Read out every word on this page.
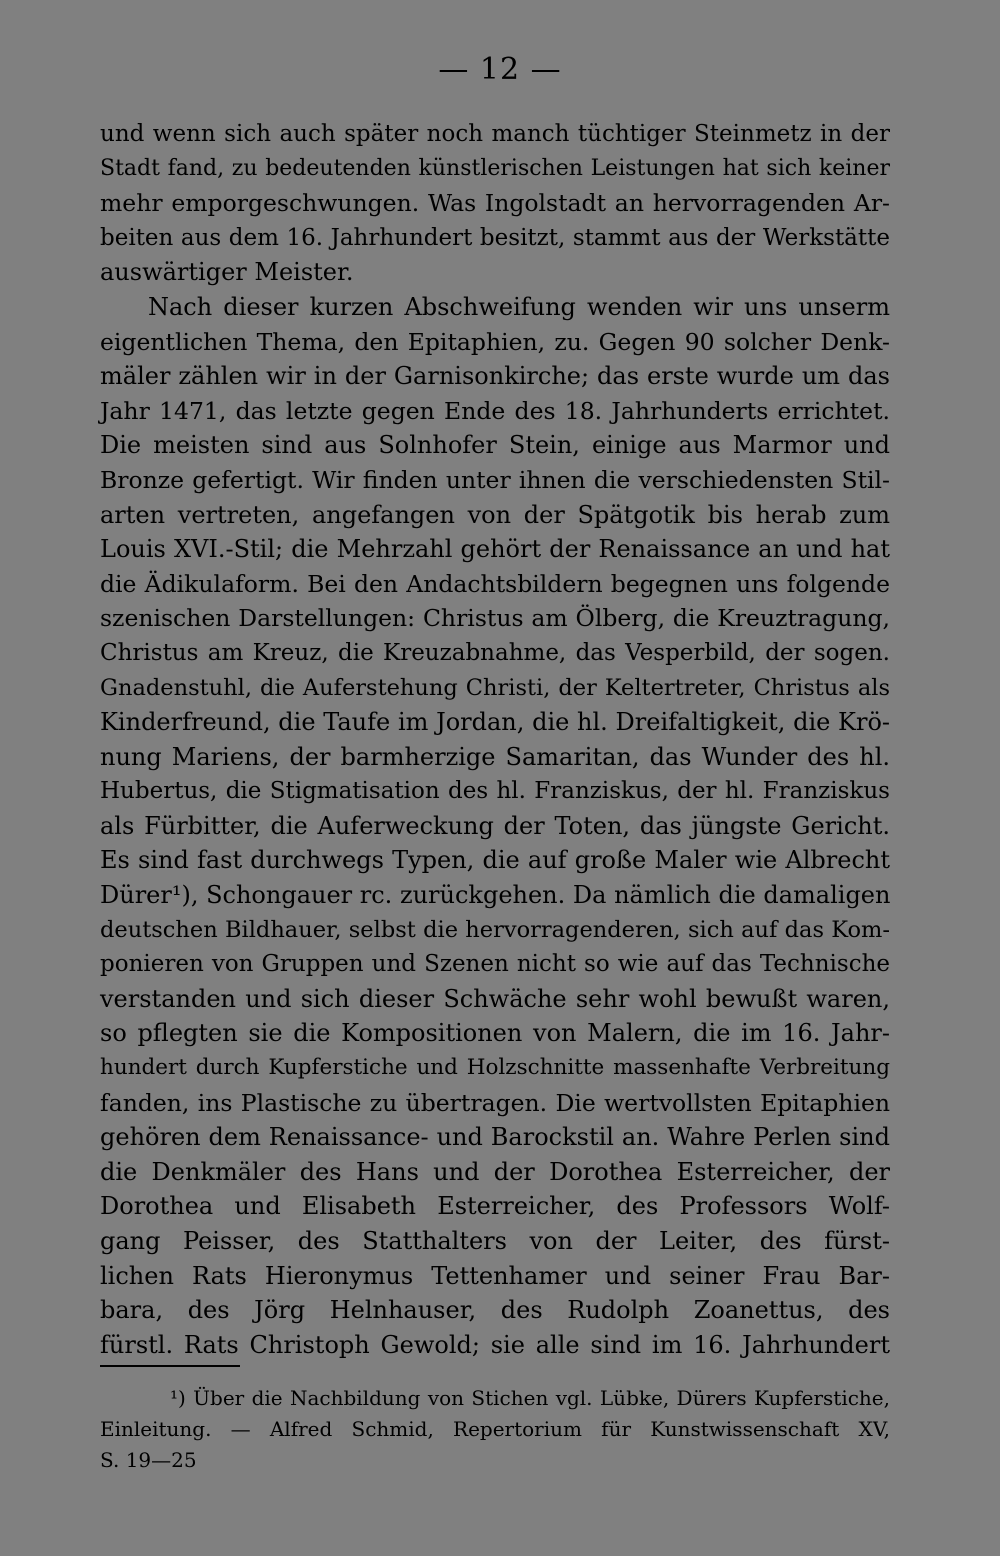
— 12 —
und wenn sich auch später noch manch tüchtiger Steinmetz in der
Stadt fand, zu bedeutenden künstlerischen Leistungen hat sich keiner
mehr emporgeschwungen. Was Ingolstadt an hervorragenden Ar-
beiten aus dem 16. Jahrhundert besitzt, stammt aus der Werkstätte
auswärtiger Meister.
Nach dieser kurzen Abschweifung wenden wir uns unserm
eigentlichen Thema, den Epitaphien, zu. Gegen 90 solcher Denk-
mäler zählen wir in der Garnisonkirche; das erste wurde um das
Jahr 1471, das letzte gegen Ende des 18. Jahrhunderts errichtet.
Die meisten sind aus Solnhofer Stein, einige aus Marmor und
Bronze gefertigt. Wir finden unter ihnen die verschiedensten Stil-
arten vertreten, angefangen von der Spätgotik bis herab zum
Louis XVI.-Stil; die Mehrzahl gehört der Renaissance an und hat
die Ädikulaform. Bei den Andachtsbildern begegnen uns folgende
szenischen Darstellungen: Christus am Ölberg, die Kreuztragung,
Christus am Kreuz, die Kreuzabnahme, das Vesperbild, der sogen.
Gnadenstuhl, die Auferstehung Christi, der Keltertreter, Christus als
Kinderfreund, die Taufe im Jordan, die hl. Dreifaltigkeit, die Krö-
nung Mariens, der barmherzige Samaritan, das Wunder des hl.
Hubertus, die Stigmatisation des hl. Franziskus, der hl. Franziskus
als Fürbitter, die Auferweckung der Toten, das jüngste Gericht.
Es sind fast durchwegs Typen, die auf große Maler wie Albrecht
Dürer¹), Schongauer rc. zurückgehen. Da nämlich die damaligen
deutschen Bildhauer, selbst die hervorragenderen, sich auf das Kom-
ponieren von Gruppen und Szenen nicht so wie auf das Technische
verstanden und sich dieser Schwäche sehr wohl bewußt waren,
so pflegten sie die Kompositionen von Malern, die im 16. Jahr-
hundert durch Kupferstiche und Holzschnitte massenhafte Verbreitung
fanden, ins Plastische zu übertragen. Die wertvollsten Epitaphien
gehören dem Renaissance- und Barockstil an. Wahre Perlen sind
die Denkmäler des Hans und der Dorothea Esterreicher, der
Dorothea und Elisabeth Esterreicher, des Professors Wolf-
gang Peisser, des Statthalters von der Leiter, des fürst-
lichen Rats Hieronymus Tettenhamer und seiner Frau Bar-
bara, des Jörg Helnhauser, des Rudolph Zoanettus, des
fürstl. Rats Christoph Gewold; sie alle sind im 16. Jahrhundert
¹) Über die Nachbildung von Stichen vgl. Lübke, Dürers Kupferstiche,
Einleitung. — Alfred Schmid, Repertorium für Kunstwissenschaft XV,
S. 19—25
